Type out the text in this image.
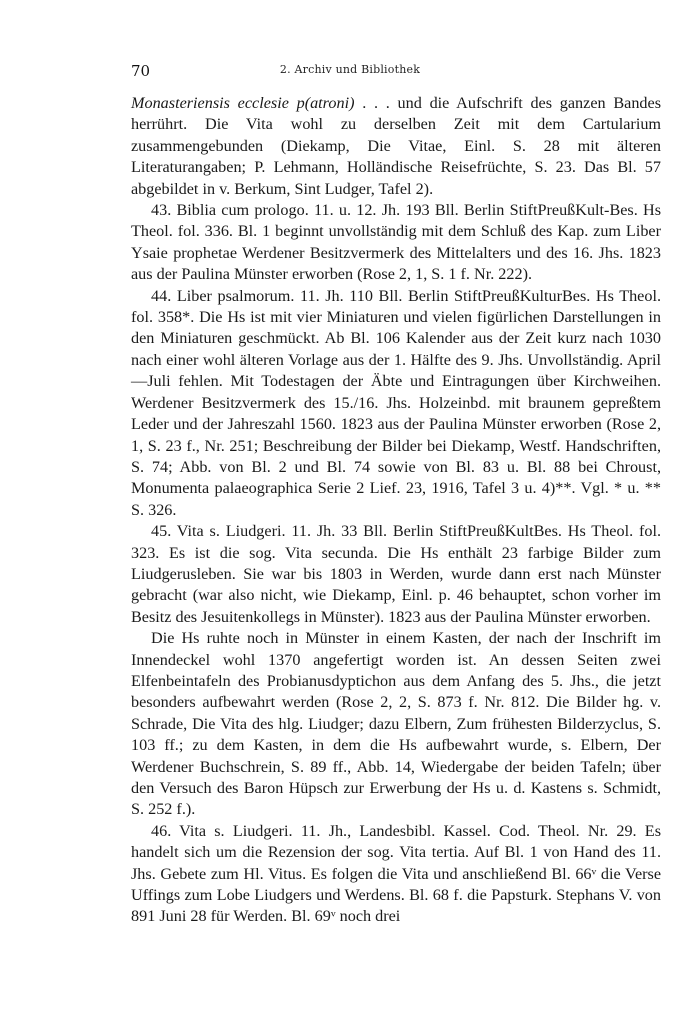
70	2. Archiv und Bibliothek

Monasteriensis ecclesie p(atroni) . . . und die Aufschrift des ganzen Bandes herrührt. Die Vita wohl zu derselben Zeit mit dem Cartularium zusammengebunden (Diekamp, Die Vitae, Einl. S. 28 mit älteren Literaturangaben; P. Lehmann, Holländische Reisefrüchte, S. 23. Das Bl. 57 abgebildet in v. Berkum, Sint Ludger, Tafel 2).

43. Biblia cum prologo. 11. u. 12. Jh. 193 Bll. Berlin StiftPreußKult-Bes. Hs Theol. fol. 336. Bl. 1 beginnt unvollständig mit dem Schluß des Kap. zum Liber Ysaie prophetae Werdener Besitzvermerk des Mittelalters und des 16. Jhs. 1823 aus der Paulina Münster erworben (Rose 2, 1, S. 1 f. Nr. 222).

44. Liber psalmorum. 11. Jh. 110 Bll. Berlin StiftPreußKulturBes. Hs Theol. fol. 358*. Die Hs ist mit vier Miniaturen und vielen figürlichen Darstellungen in den Miniaturen geschmückt. Ab Bl. 106 Kalender aus der Zeit kurz nach 1030 nach einer wohl älteren Vorlage aus der 1. Hälfte des 9. Jhs. Unvollständig. April—Juli fehlen. Mit Todestagen der Äbte und Eintragungen über Kirchweihen. Werdener Besitzvermerk des 15./16. Jhs. Holzeinbd. mit braunem gepreßtem Leder und der Jahreszahl 1560. 1823 aus der Paulina Münster erworben (Rose 2, 1, S. 23 f., Nr. 251; Beschreibung der Bilder bei Diekamp, Westf. Handschriften, S. 74; Abb. von Bl. 2 und Bl. 74 sowie von Bl. 83 u. Bl. 88 bei Chroust, Monumenta palaeographica Serie 2 Lief. 23, 1916, Tafel 3 u. 4)**. Vgl. * u. ** S. 326.

45. Vita s. Liudgeri. 11. Jh. 33 Bll. Berlin StiftPreußKultBes. Hs Theol. fol. 323. Es ist die sog. Vita secunda. Die Hs enthält 23 farbige Bilder zum Liudgerusleben. Sie war bis 1803 in Werden, wurde dann erst nach Münster gebracht (war also nicht, wie Diekamp, Einl. p. 46 behauptet, schon vorher im Besitz des Jesuitenkollegs in Münster). 1823 aus der Paulina Münster erworben.

Die Hs ruhte noch in Münster in einem Kasten, der nach der Inschrift im Innendeckel wohl 1370 angefertigt worden ist. An dessen Seiten zwei Elfenbeintafeln des Probianusdyptichon aus dem Anfang des 5. Jhs., die jetzt besonders aufbewahrt werden (Rose 2, 2, S. 873 f. Nr. 812. Die Bilder hg. v. Schrade, Die Vita des hlg. Liudger; dazu Elbern, Zum frühesten Bilderzyclus, S. 103 ff.; zu dem Kasten, in dem die Hs aufbewahrt wurde, s. Elbern, Der Werdener Buchschrein, S. 89 ff., Abb. 14, Wiedergabe der beiden Tafeln; über den Versuch des Baron Hüpsch zur Erwerbung der Hs u. d. Kastens s. Schmidt, S. 252 f.).

46. Vita s. Liudgeri. 11. Jh., Landesbibl. Kassel. Cod. Theol. Nr. 29. Es handelt sich um die Rezension der sog. Vita tertia. Auf Bl. 1 von Hand des 11. Jhs. Gebete zum Hl. Vitus. Es folgen die Vita und anschließend Bl. 66ᵛ die Verse Uffings zum Lobe Liudgers und Werdens. Bl. 68 f. die Papsturk. Stephans V. von 891 Juni 28 für Werden. Bl. 69ᵛ noch drei
